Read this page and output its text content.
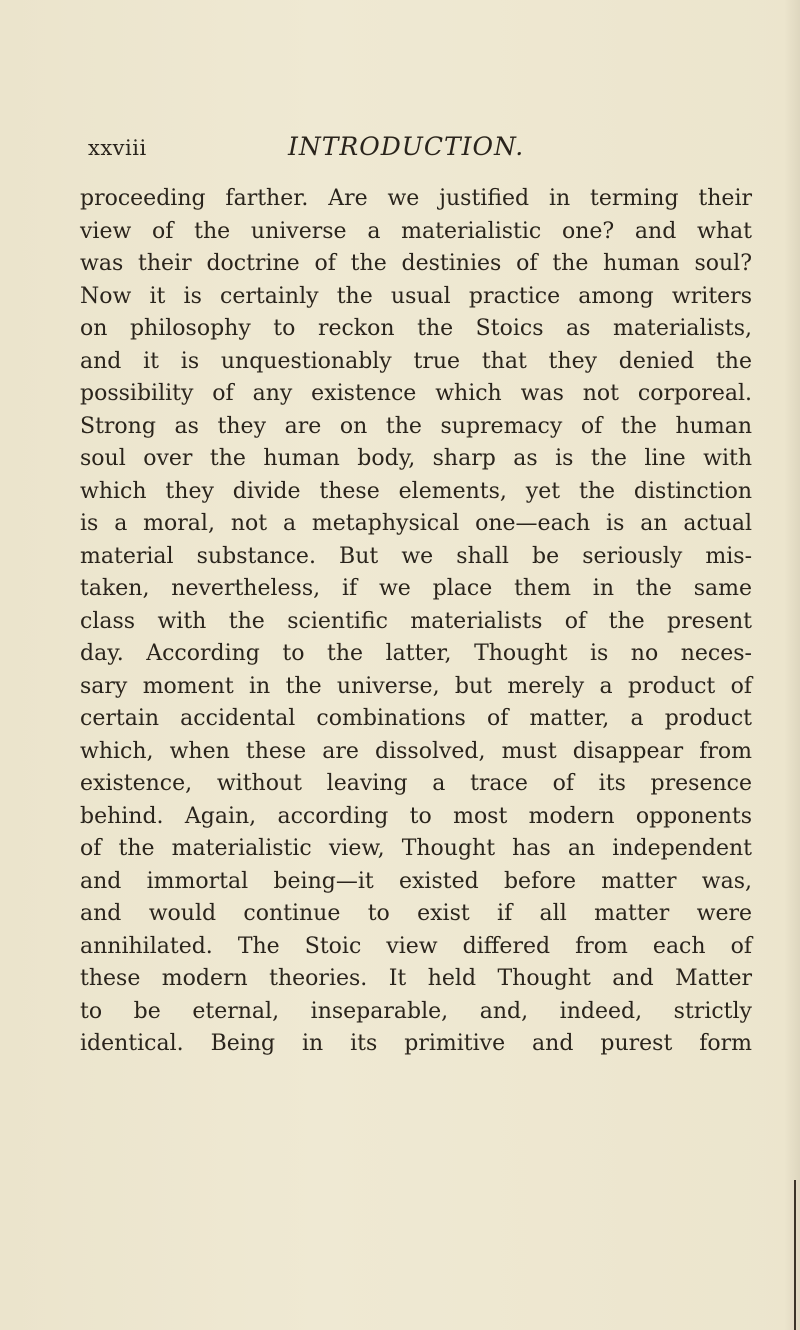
xxviii	INTRODUCTION.
proceeding farther. Are we justified in terming their
view of the universe a materialistic one? and what
was their doctrine of the destinies of the human soul?
Now it is certainly the usual practice among writers
on philosophy to reckon the Stoics as materialists,
and it is unquestionably true that they denied the
possibility of any existence which was not corporeal.
Strong as they are on the supremacy of the human
soul over the human body, sharp as is the line with
which they divide these elements, yet the distinction
is a moral, not a metaphysical one—each is an actual
material substance. But we shall be seriously mis-
taken, nevertheless, if we place them in the same
class with the scientific materialists of the present
day. According to the latter, Thought is no neces-
sary moment in the universe, but merely a product of
certain accidental combinations of matter, a product
which, when these are dissolved, must disappear from
existence, without leaving a trace of its presence
behind. Again, according to most modern opponents
of the materialistic view, Thought has an independent
and immortal being—it existed before matter was,
and would continue to exist if all matter were
annihilated. The Stoic view differed from each of
these modern theories. It held Thought and Matter
to be eternal, inseparable, and, indeed, strictly
identical. Being in its primitive and purest form
